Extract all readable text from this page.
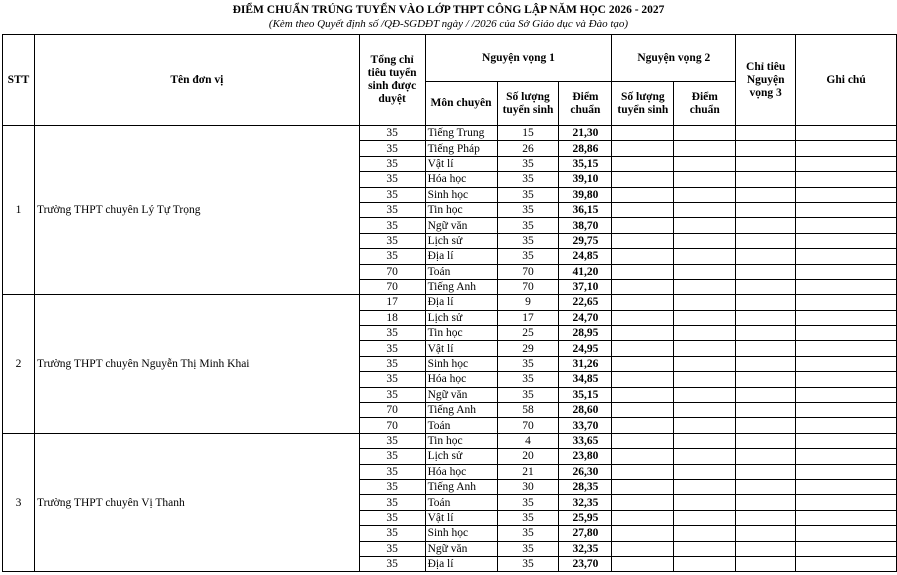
ĐIỂM CHUẨN TRÚNG TUYỂN VÀO LỚP THPT CÔNG LẬP NĂM HỌC 2026 - 2027
(Kèm theo Quyết định số /QĐ-SGDĐT ngày / /2026 của Sở Giáo dục và Đào tạo)
STT	Tên đơn vị	Tổng chỉ tiêu tuyển sinh được duyệt	Nguyện vọng 1			Nguyện vọng 2		Chỉ tiêu Nguyện vọng 3	Ghi chú
			Môn chuyên	Số lượng tuyển sinh	Điểm chuẩn	Số lượng tuyển sinh	Điểm chuẩn		
1	Trường THPT chuyên Lý Tự Trọng	35	Tiếng Trung	15	21,30				
		35	Tiếng Pháp	26	28,86				
		35	Vật lí	35	35,15				
		35	Hóa học	35	39,10				
		35	Sinh học	35	39,80				
		35	Tin học	35	36,15				
		35	Ngữ văn	35	38,70				
		35	Lịch sử	35	29,75				
		35	Địa lí	35	24,85				
		70	Toán	70	41,20				
		70	Tiếng Anh	70	37,10				
2	Trường THPT chuyên Nguyễn Thị Minh Khai	17	Địa lí	9	22,65				
		18	Lịch sử	17	24,70				
		35	Tin học	25	28,95				
		35	Vật lí	29	24,95				
		35	Sinh học	35	31,26				
		35	Hóa học	35	34,85				
		35	Ngữ văn	35	35,15				
		70	Tiếng Anh	58	28,60				
		70	Toán	70	33,70				
3	Trường THPT chuyên Vị Thanh	35	Tin học	4	33,65				
		35	Lịch sử	20	23,80				
		35	Hóa học	21	26,30				
		35	Tiếng Anh	30	28,35				
		35	Toán	35	32,35				
		35	Vật lí	35	25,95				
		35	Sinh học	35	27,80				
		35	Ngữ văn	35	32,35				
		35	Địa lí	35	23,70				
